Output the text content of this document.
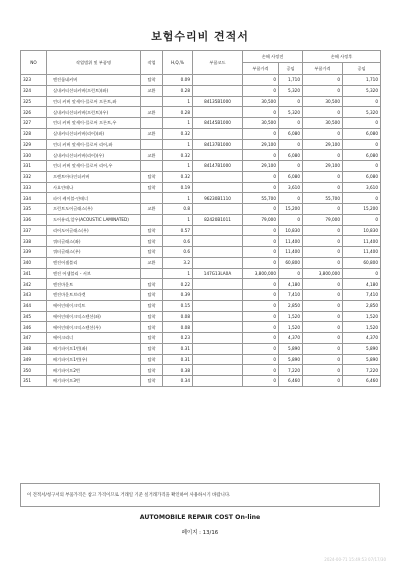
보험수리비 견적서
NO	작업범위 및 부품명	작업	H,Q,%	부품코드	손해 사정전		손해 사정후	
					부품가격	공임	부품가격	공임
323	엔진룸네커버	탈착	0.09		0	1,710	0	1,710
324	실내커티션더커버(프런트)(좌)	교환	0.28		0	5,320	0	5,320
325	언더 커버 앗세이-플로어 프론트,좌		1	84135B1000	30,500	0	30,500	0
326	실내커티션더커버(프런트)(우)	교환	0.28		0	5,320	0	5,320
327	언더 커버 앗세이-플로어 프론트,우		1	84145B1000	30,500	0	30,500	0
328	실내커티션더커버(리어)(좌)	교환	0.32		0	6,080	0	6,080
329	언더 커버 앗세이-플로어 리어,좌		1	84137B1000	29,100	0	29,100	0
330	실내커티션더커버(리어)(우)	교환	0.32		0	6,080	0	6,080
331	언더 커버 앗세이-플로어 리어,우		1	84147B1000	29,100	0	29,100	0
332	프렌트아타인더커버	탈착	0.32		0	6,080	0	6,080
333	사요안테나	탈착	0.19		0	3,610	0	3,610
334	파이 케이블-안테너		1	96230B1110	55,700	0	55,700	0
335	프런트도어글래스(우)	교환	0.8		0	15,200	0	15,200
336	도어유리,앞우(ACOUSTIC LAMINATED)		1	82420B1011	79,000	0	79,000	0
337	리어도어글래스(우)	탈착	0.57		0	10,830	0	10,830
338	쿼터글래스(좌)	탈착	0.6		0	11,400	0	11,400
339	쿼터글래스(우)	탈착	0.6		0	11,400	0	11,400
340	엔진어셈블리	교환	3.2		0	60,800	0	60,800
341	엔진 어셈블리 - 서브		1	147G13LA0A	3,800,000	0	3,800,000	0
342	엔진마운트	탈착	0.22		0	4,180	0	4,180
343	엔진마운트브라켓	탈착	0.39		0	7,410	0	7,410
344	에어인테이크덕트	탈착	0.15		0	2,850	0	2,850
345	에어인테이크익스텐션(좌)	탈착	0.08		0	1,520	0	1,520
346	에어인테이크익스텐션(우)	탈착	0.08		0	1,520	0	1,520
347	에어크리너	탈착	0.23		0	4,370	0	4,370
348	배기파이프1번(좌)	탈착	0.31		0	5,890	0	5,890
349	배기파이프1번(우)	탈착	0.31		0	5,890	0	5,890
350	배기파이프2번	탈착	0.38		0	7,220	0	7,220
351	배기파이프3번	탈착	0.34		0	6,460	0	6,460
이 견적서/청구서의 부품가격은 참고 가격이므로 거래일 기준 실거래가격을 확인하여 사용하시기 바랍니다.
AUTOMOBILE REPAIR COST On-line
페이지 : 13/16
2024-00-71 15:49:53 07/17/30
